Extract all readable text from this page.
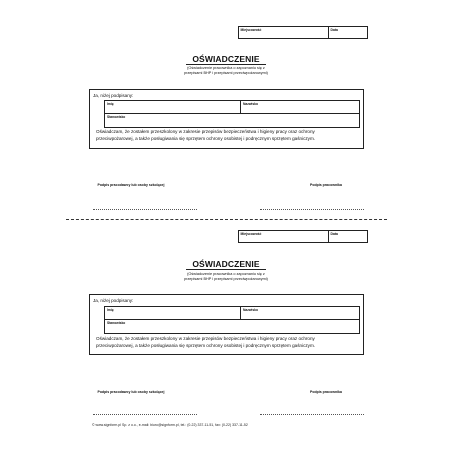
Miejscowość	Data
OŚWIADCZENIE
(Oświadczenie pracownika o zapoznaniu się z
przepisami BHP i przepisami przeciwpożarowymi)
Ja, niżej podpisany:
Imię	Nazwisko
Stanowisko
Oświadczam, że zostałem przeszkolony w zakresie przepisów bezpieczeństwa i higieny pracy oraz ochrony
przeciwpożarowej, a także posługiwania się sprzętem ochrony osobistej i podręcznym sprzętem gaśniczym.
Podpis pracodawcy lub osoby szkolącej	Podpis pracownika
Miejscowość	Data
OŚWIADCZENIE
(Oświadczenie pracownika o zapoznaniu się z
przepisami BHP i przepisami przeciwpożarowymi)
Ja, niżej podpisany:
Imię	Nazwisko
Stanowisko
Oświadczam, że zostałem przeszkolony w zakresie przepisów bezpieczeństwa i higieny pracy oraz ochrony
przeciwpożarowej, a także posługiwania się sprzętem ochrony osobistej i podręcznym sprzętem gaśniczym.
Podpis pracodawcy lub osoby szkolącej	Podpis pracownika
© www.signform.pl Sp. z o.o., e-mail: biuro@signform.pl, tel.: (0-22) 337-11-51, fax: (0-22) 337-11-52
